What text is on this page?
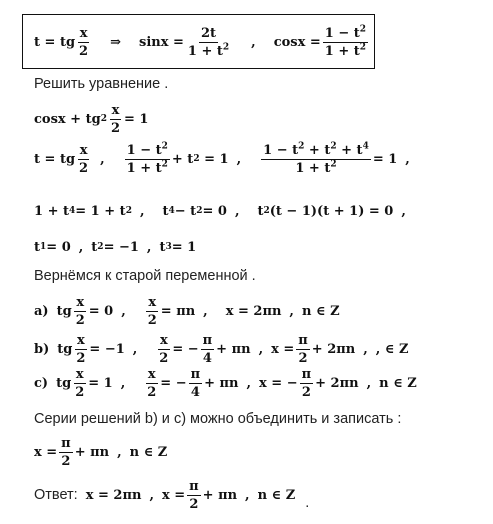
t = tg $\frac{x}{2}$ ⇒ $\sin x = \frac{2t}{1 + t^2}$ , $\cos x = \frac{1 - t^2}{1 + t^2}$
Решить уравнение .
cosx + tg $2 \frac{x}{2} = 1$
t = tg $\frac{x}{2}$ , $\frac{1 - t^2}{1 + t^2} + t$ 2
= 1 , $\frac{1 - t^2 + t^2 + t^4}{1 + t^2} = 1$ ,
1 + t 4 = 1 + t 2 , t 4 − t 2 = 0 , t 2 (t − 1)(t + 1) = 0 ,
t 1 = 0 , t 2 = −1 , t 3 = 1
Вернёмся к старой переменной .
a) tg $\frac{x}{2} = 0$ , $\frac{x}{2} = \pi n$ , x = 2πn , n ∈ Z
b) tg $\frac{x}{2} = -1$ , $\frac{x}{2}$ = − $\frac{\pi}{4} + \pi n$ , $x = \frac{\pi}{2} + 2\pi n$ , , ∈ Z
c) tg $\frac{x}{2} = 1$ , $\frac{x}{2}$ = − $\frac{\pi}{4} + \pi n$ , x = − $\frac{\pi}{2} + 2\pi n$ , n ∈ Z
Серии решений b) и с) можно объединить и записать :
$x = \frac{\pi}{2} + \pi n$ , n ∈ Z
Ответ: x = 2πn , $x = \frac{\pi}{2} + \pi n$ , n ∈ Z .
